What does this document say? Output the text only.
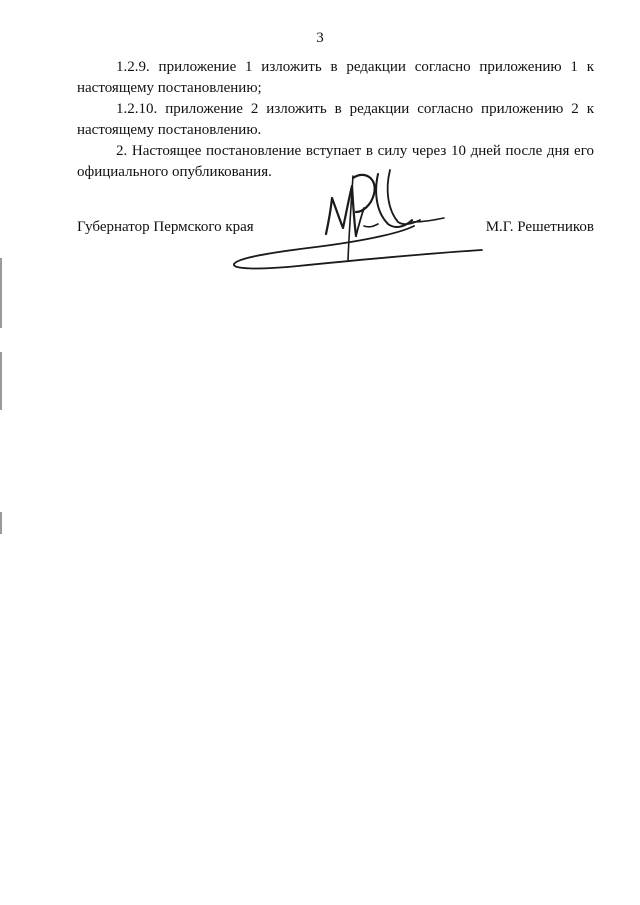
3

1.2.9. приложение 1 изложить в редакции согласно приложению 1 к настоящему постановлению;

1.2.10. приложение 2 изложить в редакции согласно приложению 2 к настоящему постановлению.

2. Настоящее постановление вступает в силу через 10 дней после дня его официального опубликования.

Губернатор Пермского края	М.Г. Решетников
